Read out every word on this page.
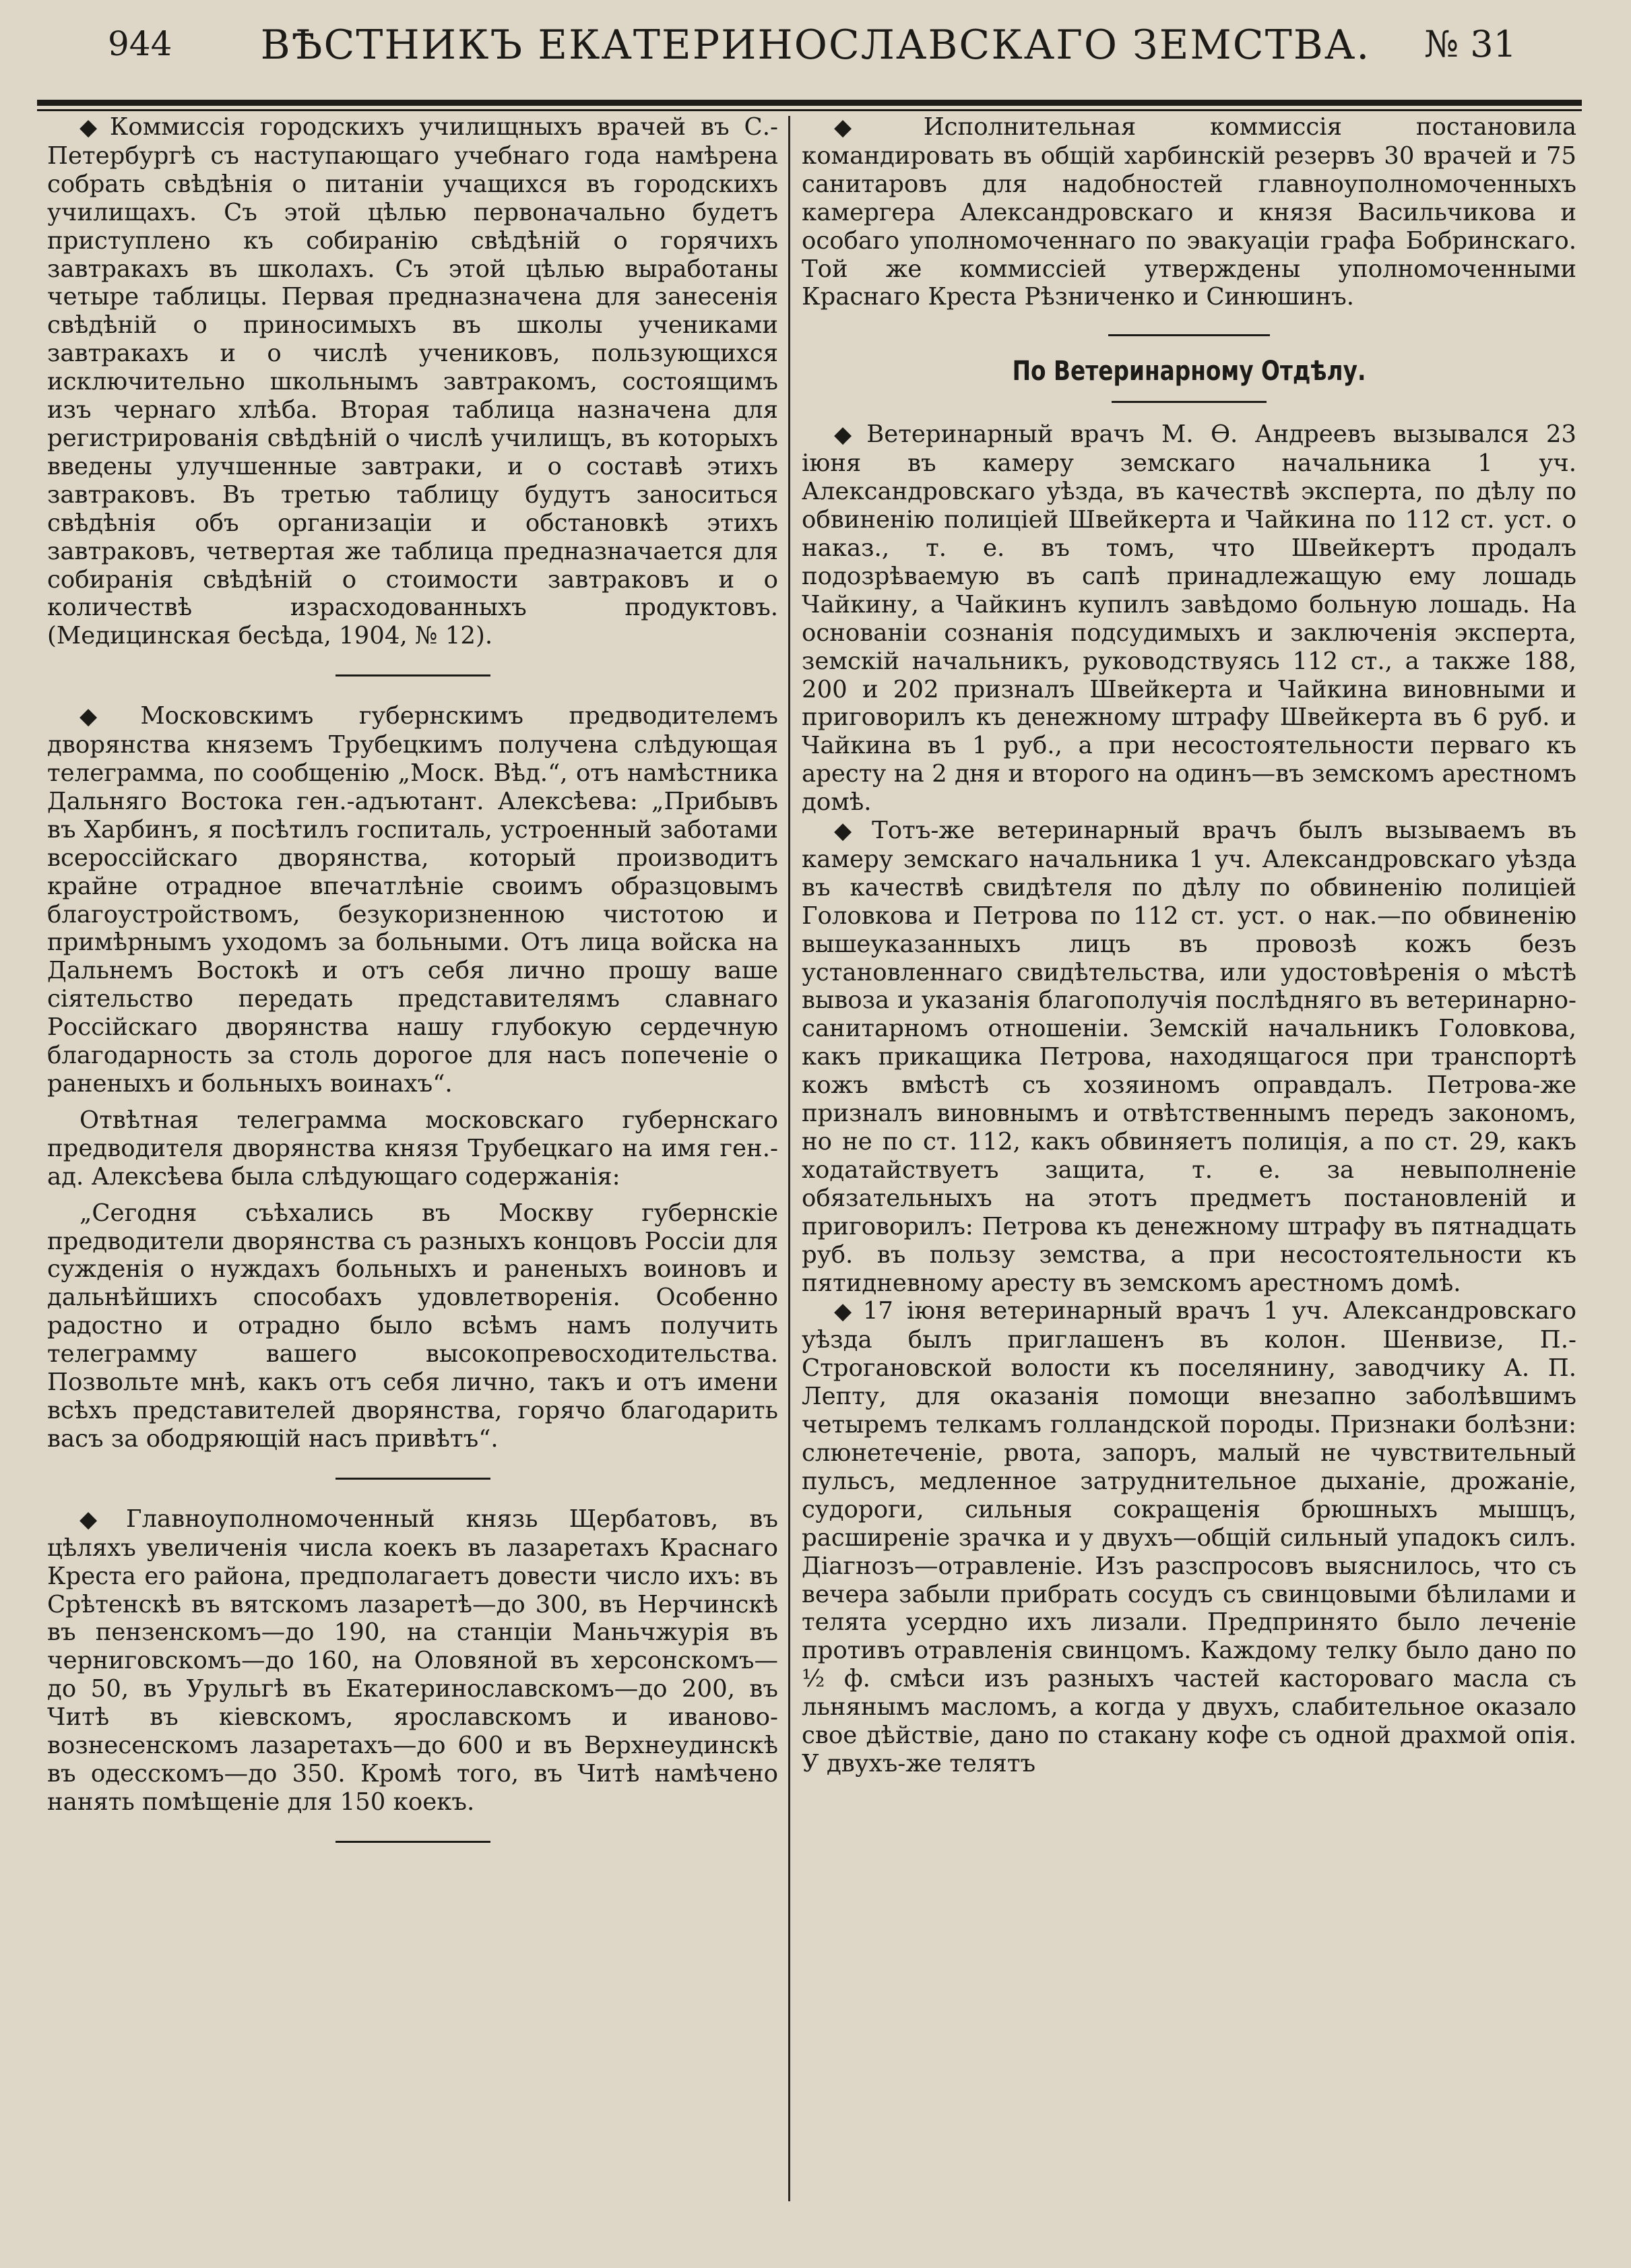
944	ВѢСТНИКЪ ЕКАТЕРИНОСЛАВСКАГО ЗЕМСТВА.	№ 31

◆ Коммиссія городскихъ училищныхъ врачей въ С.-Петербургѣ съ наступающаго учебнаго года намѣрена собрать свѣдѣнія о питаніи учащихся въ городскихъ училищахъ. Съ этой цѣлью первоначально будетъ приступлено къ собиранію свѣдѣній о горячихъ завтракахъ въ школахъ. Съ этой цѣлью выработаны четыре таблицы. Первая предназначена для занесенія свѣдѣній о приносимыхъ въ школы учениками завтракахъ и о числѣ учениковъ, пользующихся исключительно школьнымъ завтракомъ, состоящимъ изъ чернаго хлѣба. Вторая таблица назначена для регистрированія свѣдѣній о числѣ училищъ, въ которыхъ введены улучшенные завтраки, и о составѣ этихъ завтраковъ. Въ третью таблицу будутъ заноситься свѣдѣнія объ организаціи и обстановкѣ этихъ завтраковъ, четвертая же таблица предназначается для собиранія свѣдѣній о стоимости завтраковъ и о количествѣ израсходованныхъ продуктовъ. (Медицинская бесѣда, 1904, № 12).

◆ Московскимъ губернскимъ предводителемъ дворянства княземъ Трубецкимъ получена слѣдующая телеграмма, по сообщенію „Моск. Вѣд.“, отъ намѣстника Дальняго Востока ген.-адъютант. Алексѣева: „Прибывъ въ Харбинъ, я посѣтилъ госпиталь, устроенный заботами всероссійскаго дворянства, который производитъ крайне отрадное впечатлѣніе своимъ образцовымъ благоустройствомъ, безукоризненною чистотою и примѣрнымъ уходомъ за больными. Отъ лица войска на Дальнемъ Востокѣ и отъ себя лично прошу ваше сіятельство передать представителямъ славнаго Россійскаго дворянства нашу глубокую сердечную благодарность за столь дорогое для насъ попеченіе о раненыхъ и больныхъ воинахъ“.

Отвѣтная телеграмма московскаго губернскаго предводителя дворянства князя Трубецкаго на имя ген.-ад. Алексѣева была слѣдующаго содержанія:

„Сегодня съѣхались въ Москву губернскіе предводители дворянства съ разныхъ концовъ Россіи для сужденія о нуждахъ больныхъ и раненыхъ воиновъ и дальнѣйшихъ способахъ удовлетворенія. Особенно радостно и отрадно было всѣмъ намъ получить телеграмму вашего высокопревосходительства. Позвольте мнѣ, какъ отъ себя лично, такъ и отъ имени всѣхъ представителей дворянства, горячо благодарить васъ за ободряющій насъ привѣтъ“.

◆ Главноуполномоченный князь Щербатовъ, въ цѣляхъ увеличенія числа коекъ въ лазаретахъ Краснаго Креста его района, предполагаетъ довести число ихъ: въ Срѣтенскѣ въ вятскомъ лазаретѣ—до 300, въ Нерчинскѣ въ пензенскомъ—до 190, на станціи Маньчжурія въ черниговскомъ—до 160, на Оловяной въ херсонскомъ—до 50, въ Урульгѣ въ Екатеринославскомъ—до 200, въ Читѣ въ кіевскомъ, ярославскомъ и иваново-вознесенскомъ лазаретахъ—до 600 и въ Верхнеудинскѣ въ одесскомъ—до 350. Кромѣ того, въ Читѣ намѣчено нанять помѣщеніе для 150 коекъ.

◆ Исполнительная коммиссія постановила командировать въ общій харбинскій резервъ 30 врачей и 75 санитаровъ для надобностей главноуполномоченныхъ камергера Александровскаго и князя Васильчикова и особаго уполномоченнаго по эвакуаціи графа Бобринскаго. Той же коммиссіей утверждены уполномоченными Краснаго Креста Рѣзниченко и Синюшинъ.

По Ветеринарному Отдѣлу.

◆ Ветеринарный врачъ М. Ѳ. Андреевъ вызывался 23 іюня въ камеру земскаго начальника 1 уч. Александровскаго уѣзда, въ качествѣ эксперта, по дѣлу по обвиненію полиціей Швейкерта и Чайкина по 112 ст. уст. о наказ., т. е. въ томъ, что Швейкертъ продалъ подозрѣваемую въ сапѣ принадлежащую ему лошадь Чайкину, а Чайкинъ купилъ завѣдомо больную лошадь. На основаніи сознанія подсудимыхъ и заключенія эксперта, земскій начальникъ, руководствуясь 112 ст., а также 188, 200 и 202 призналъ Швейкерта и Чайкина виновными и приговорилъ къ денежному штрафу Швейкерта въ 6 руб. и Чайкина въ 1 руб., а при несостоятельности перваго къ аресту на 2 дня и второго на одинъ—въ земскомъ арестномъ домѣ.

◆ Тотъ-же ветеринарный врачъ былъ вызываемъ въ камеру земскаго начальника 1 уч. Александровскаго уѣзда въ качествѣ свидѣтеля по дѣлу по обвиненію полиціей Головкова и Петрова по 112 ст. уст. о нак.—по обвиненію вышеуказанныхъ лицъ въ провозѣ кожъ безъ установленнаго свидѣтельства, или удостовѣренія о мѣстѣ вывоза и указанія благополучія послѣдняго въ ветеринарно-санитарномъ отношеніи. Земскій начальникъ Головкова, какъ прикащика Петрова, находящагося при транспортѣ кожъ вмѣстѣ съ хозяиномъ оправдалъ. Петрова-же призналъ виновнымъ и отвѣтственнымъ передъ закономъ, но не по ст. 112, какъ обвиняетъ полиція, а по ст. 29, какъ ходатайствуетъ защита, т. е. за невыполненіе обязательныхъ на этотъ предметъ постановленій и приговорилъ: Петрова къ денежному штрафу въ пятнадцать руб. въ пользу земства, а при несостоятельности къ пятидневному аресту въ земскомъ арестномъ домѣ.

◆ 17 іюня ветеринарный врачъ 1 уч. Александровскаго уѣзда былъ приглашенъ въ колон. Шенвизе, П.-Строгановской волости къ поселянину, заводчику А. П. Лепту, для оказанія помощи внезапно заболѣвшимъ четыремъ телкамъ голландской породы. Признаки болѣзни: слюнетеченіе, рвота, запоръ, малый не чувствительный пульсъ, медленное затруднительное дыханіе, дрожаніе, судороги, сильныя сокращенія брюшныхъ мышцъ, расширеніе зрачка и у двухъ—общій сильный упадокъ силъ. Діагнозъ—отравленіе. Изъ разспросовъ выяснилось, что съ вечера забыли прибрать сосудъ съ свинцовыми бѣлилами и телята усердно ихъ лизали. Предпринято было леченіе противъ отравленія свинцомъ. Каждому телку было дано по ½ ф. смѣси изъ разныхъ частей кастороваго масла съ льнянымъ масломъ, а когда у двухъ, слабительное оказало свое дѣйствіе, дано по стакану кофе съ одной драхмой опія. У двухъ-же телятъ
